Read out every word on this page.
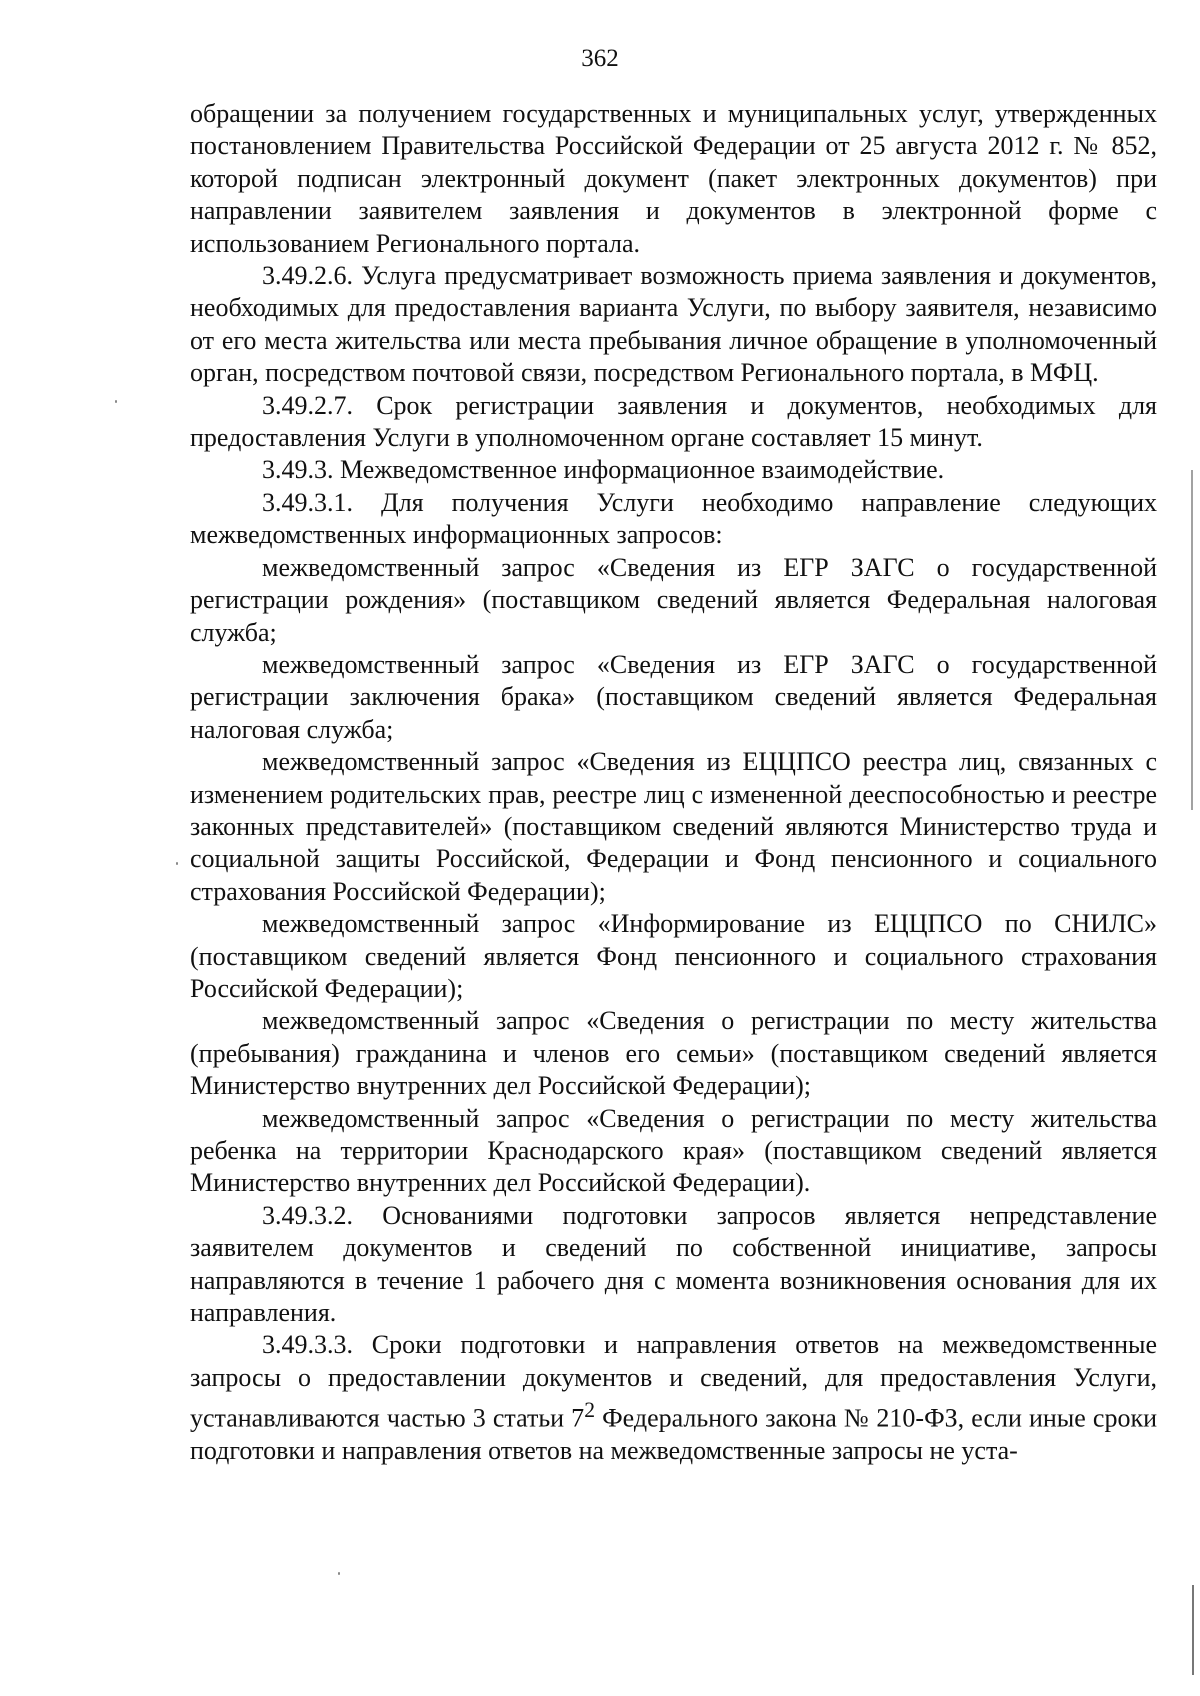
362

обращении за получением государственных и муниципальных услуг, утвержденных постановлением Правительства Российской Федерации от 25 августа 2012 г. № 852, которой подписан электронный документ (пакет электронных документов) при направлении заявителем заявления и документов в электронной форме с использованием Регионального портала.

3.49.2.6. Услуга предусматривает возможность приема заявления и документов, необходимых для предоставления варианта Услуги, по выбору заявителя, независимо от его места жительства или места пребывания личное обращение в уполномоченный орган, посредством почтовой связи, посредством Регионального портала, в МФЦ.

3.49.2.7. Срок регистрации заявления и документов, необходимых для предоставления Услуги в уполномоченном органе составляет 15 минут.

3.49.3. Межведомственное информационное взаимодействие.

3.49.3.1. Для получения Услуги необходимо направление следующих межведомственных информационных запросов:

межведомственный запрос «Сведения из ЕГР ЗАГС о государственной регистрации рождения» (поставщиком сведений является Федеральная налоговая служба;

межведомственный запрос «Сведения из ЕГР ЗАГС о государственной регистрации заключения брака» (поставщиком сведений является Федеральная налоговая служба;

межведомственный запрос «Сведения из ЕЦЦПСО реестра лиц, связанных с изменением родительских прав, реестре лиц с измененной дееспособностью и реестре законных представителей» (поставщиком сведений являются Министерство труда и социальной защиты Российской, Федерации и Фонд пенсионного и социального страхования Российской Федерации);

межведомственный запрос «Информирование из ЕЦЦПСО по СНИЛС» (поставщиком сведений является Фонд пенсионного и социального страхования Российской Федерации);

межведомственный запрос «Сведения о регистрации по месту жительства (пребывания) гражданина и членов его семьи» (поставщиком сведений является Министерство внутренних дел Российской Федерации);

межведомственный запрос «Сведения о регистрации по месту жительства ребенка на территории Краснодарского края» (поставщиком сведений является Министерство внутренних дел Российской Федерации).

3.49.3.2. Основаниями подготовки запросов является непредставление заявителем документов и сведений по собственной инициативе, запросы направляются в течение 1 рабочего дня с момента возникновения основания для их направления.

3.49.3.3. Сроки подготовки и направления ответов на межведомственные запросы о предоставлении документов и сведений, для предоставления Услуги, устанавливаются частью 3 статьи $7^2$ Федерального закона № 210-ФЗ, если иные сроки подготовки и направления ответов на межведомственные запросы не уста-
